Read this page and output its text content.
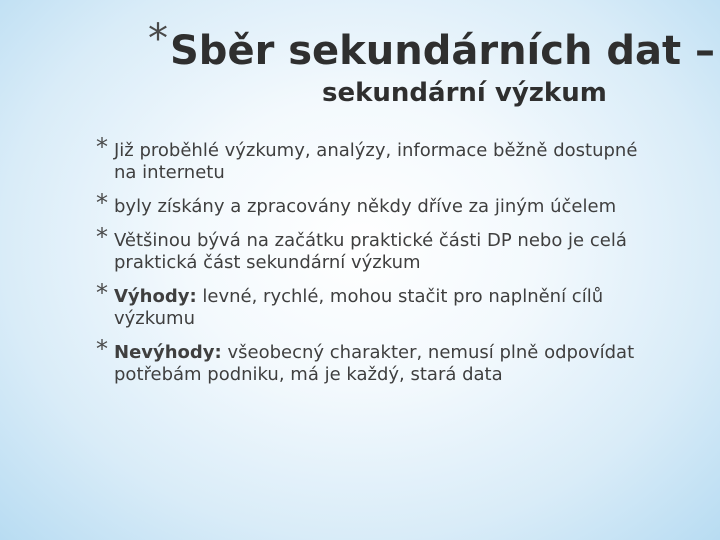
* Sběr sekundárních dat –
sekundární výzkum
* Již proběhlé výzkumy, analýzy, informace běžně dostupné na internetu
* byly získány a zpracovány někdy dříve za jiným účelem
* Většinou bývá na začátku praktické části DP nebo je celá praktická část sekundární výzkum
* Výhody: levné, rychlé, mohou stačit pro naplnění cílů výzkumu
* Nevýhody: všeobecný charakter, nemusí plně odpovídat potřebám podniku, má je každý, stará data
